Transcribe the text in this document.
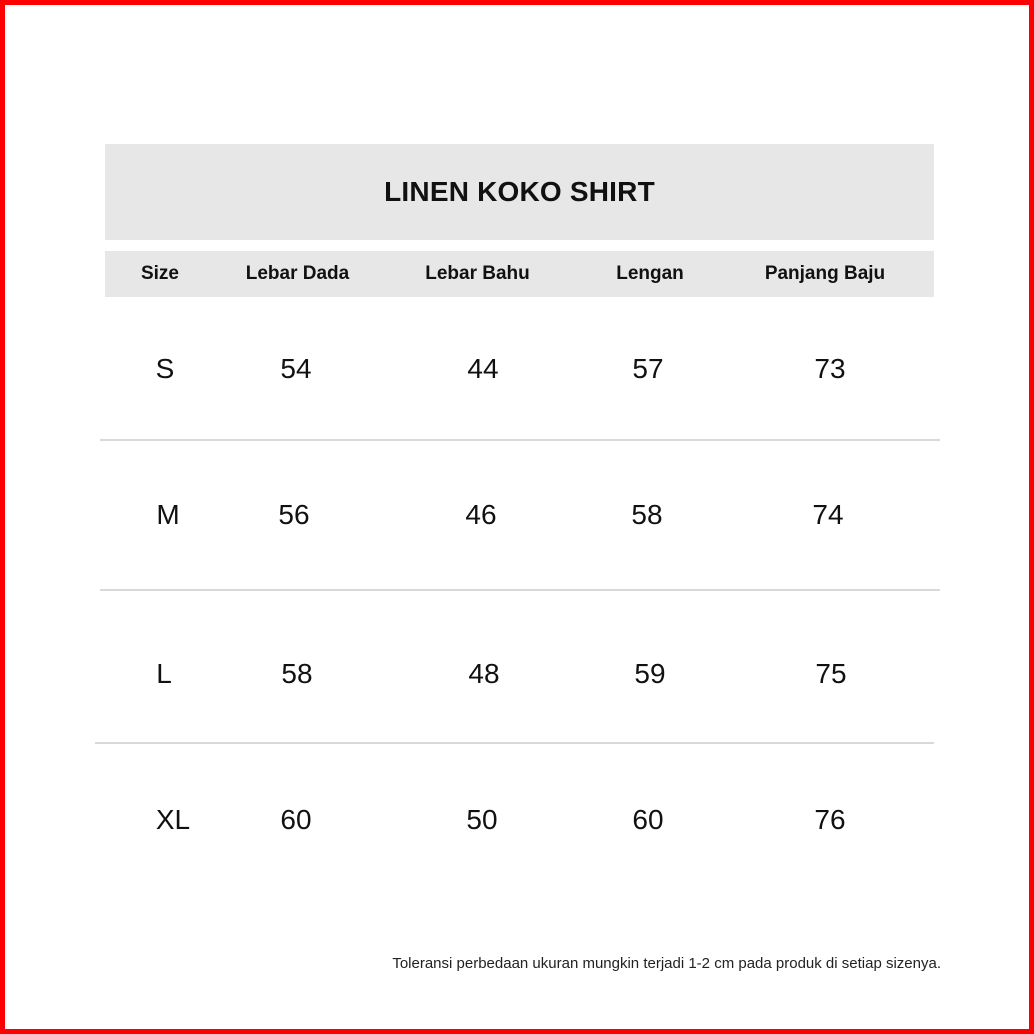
LINEN KOKO SHIRT
Size	Lebar Dada	Lebar Bahu	Lengan	Panjang Baju
S	54	44	57	73
M	56	46	58	74
L	58	48	59	75
XL	60	50	60	76
Toleransi perbedaan ukuran mungkin terjadi 1-2 cm pada produk di setiap sizenya.
